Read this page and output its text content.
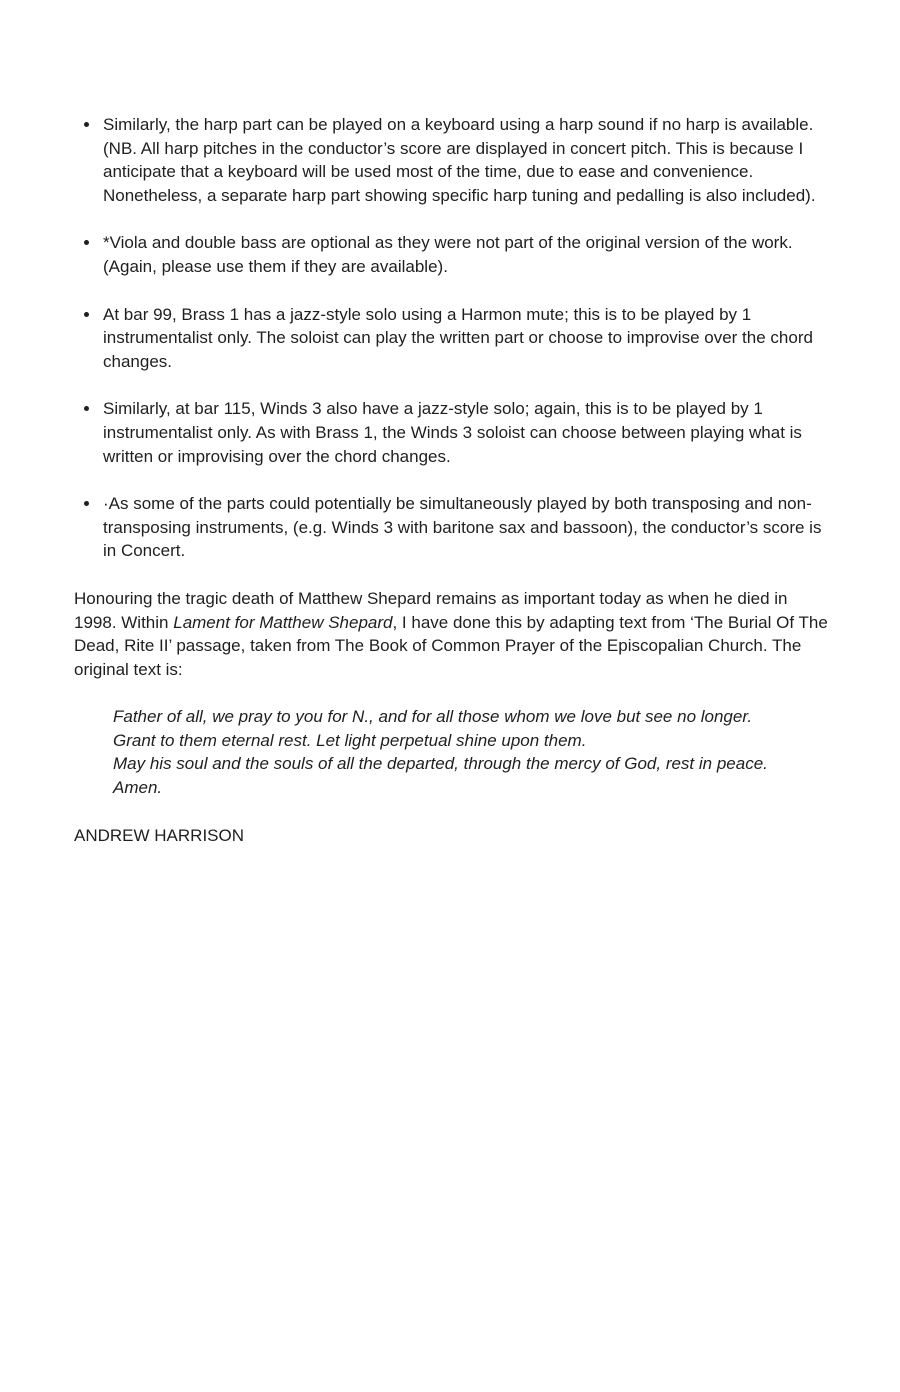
Similarly, the harp part can be played on a keyboard using a harp sound if no harp is available. (NB. All harp pitches in the conductor’s score are displayed in concert pitch. This is because I anticipate that a keyboard will be used most of the time, due to ease and convenience. Nonetheless, a separate harp part showing specific harp tuning and pedalling is also included).
*Viola and double bass are optional as they were not part of the original version of the work. (Again, please use them if they are available).
At bar 99, Brass 1 has a jazz-style solo using a Harmon mute; this is to be played by 1 instrumentalist only. The soloist can play the written part or choose to improvise over the chord changes.
Similarly, at bar 115, Winds 3 also have a jazz-style solo; again, this is to be played by 1 instrumentalist only. As with Brass 1, the Winds 3 soloist can choose between playing what is written or improvising over the chord changes.
·As some of the parts could potentially be simultaneously played by both transposing and non-transposing instruments, (e.g. Winds 3 with baritone sax and bassoon), the conductor’s score is in Concert.

Honouring the tragic death of Matthew Shepard remains as important today as when he died in 1998. Within Lament for Matthew Shepard, I have done this by adapting text from ‘The Burial Of The Dead, Rite II’ passage, taken from The Book of Common Prayer of the Episcopalian Church. The original text is:

Father of all, we pray to you for N., and for all those whom we love but see no longer.
Grant to them eternal rest. Let light perpetual shine upon them.
May his soul and the souls of all the departed, through the mercy of God, rest in peace.
Amen.

ANDREW HARRISON
